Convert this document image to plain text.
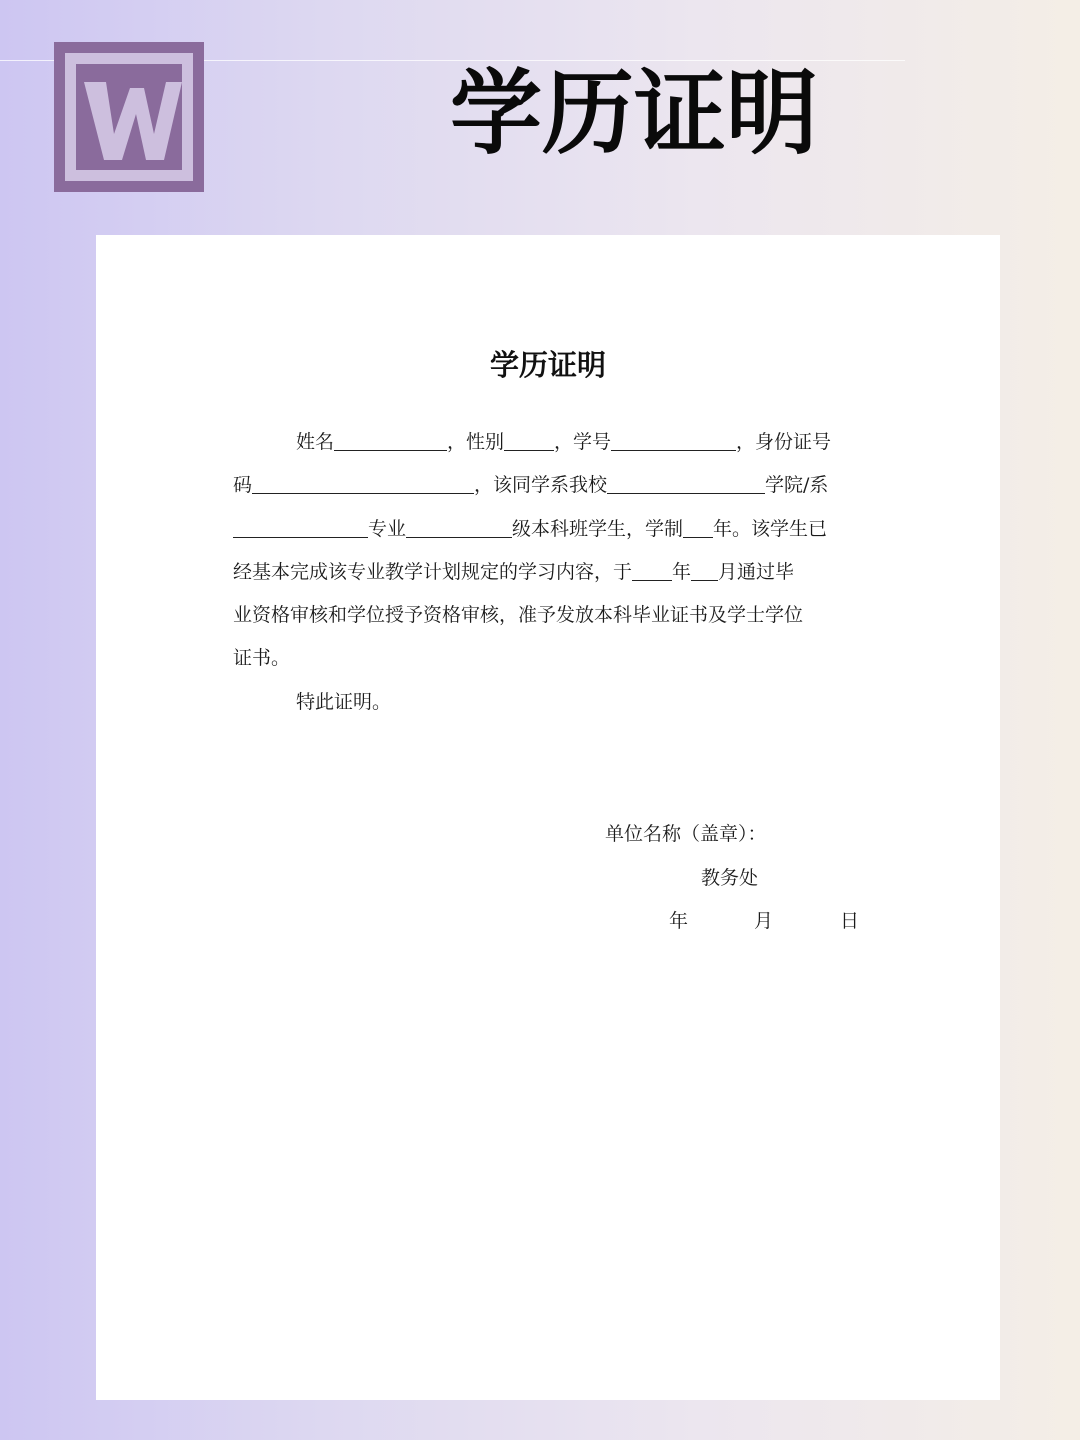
学历证明
学历证明

姓名	，性别	，学号	，身份证号

码	，该同学系我校	学院/系

专业	级本科班学生，学制 年。该学生已

经基本完成该专业教学计划规定的学习内容，于 年 月通过毕

业资格审核和学位授予资格审核，准予发放本科毕业证书及学士学位

证书。

特此证明。

单位名称（盖章）：
教务处
年	月	日
